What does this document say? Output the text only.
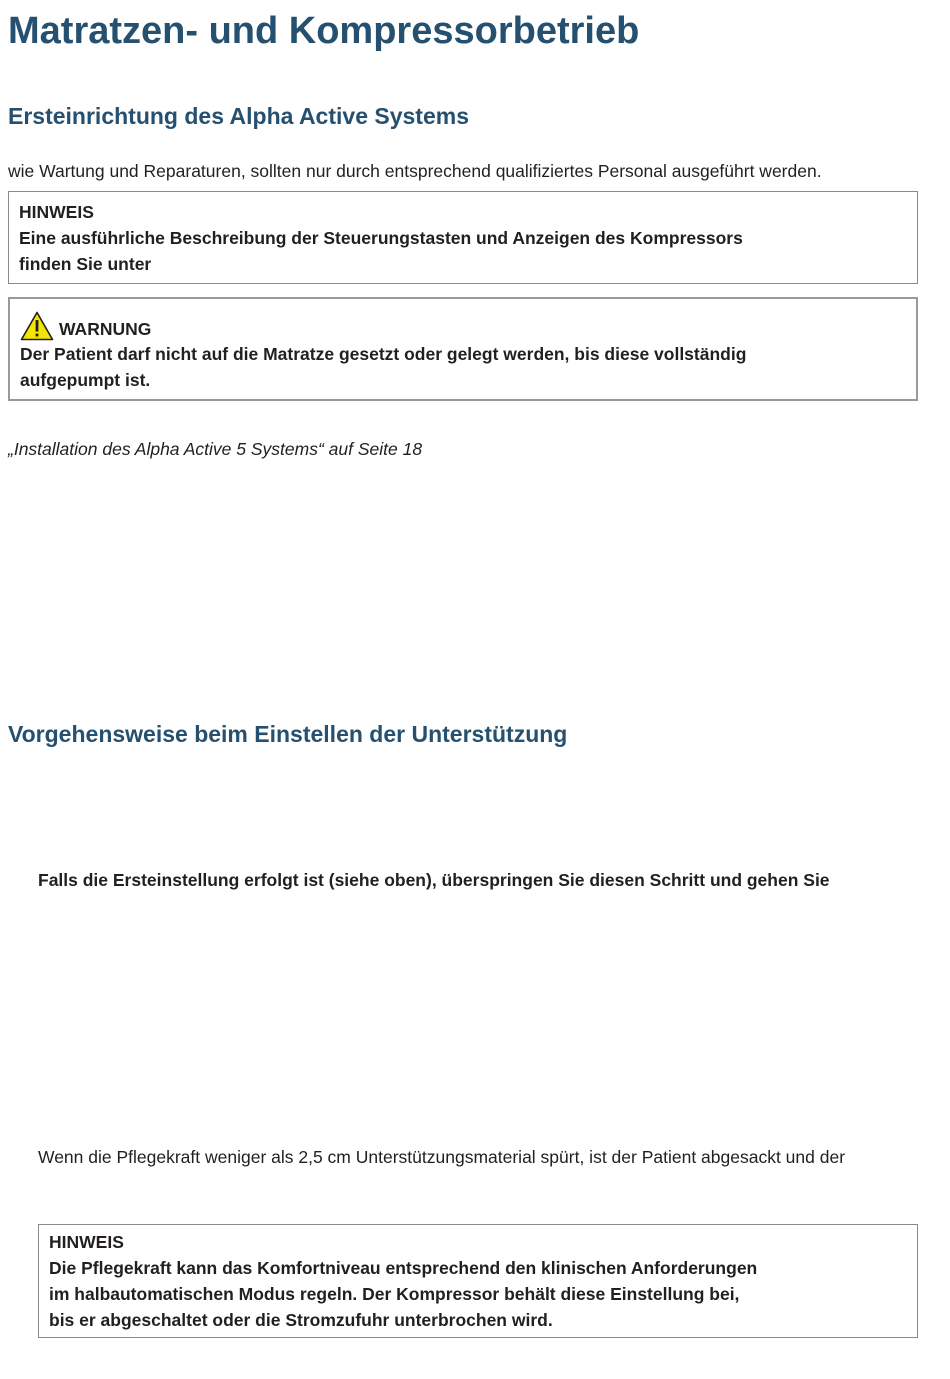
Matratzen- und Kompressorbetrieb
Ersteinrichtung des Alpha Active Systems
wie Wartung und Reparaturen, sollten nur durch entsprechend qualifiziertes Personal ausgeführt werden.
HINWEIS
Eine ausführliche Beschreibung der Steuerungstasten und Anzeigen des Kompressors
finden Sie unter
WARNUNG
Der Patient darf nicht auf die Matratze gesetzt oder gelegt werden, bis diese vollständig
aufgepumpt ist.
„Installation des Alpha Active 5 Systems“ auf Seite 18
Vorgehensweise beim Einstellen der Unterstützung
Falls die Ersteinstellung erfolgt ist (siehe oben), überspringen Sie diesen Schritt und gehen Sie
Wenn die Pflegekraft weniger als 2,5 cm Unterstützungsmaterial spürt, ist der Patient abgesackt und der
HINWEIS
Die Pflegekraft kann das Komfortniveau entsprechend den klinischen Anforderungen
im halbautomatischen Modus regeln. Der Kompressor behält diese Einstellung bei,
bis er abgeschaltet oder die Stromzufuhr unterbrochen wird.
